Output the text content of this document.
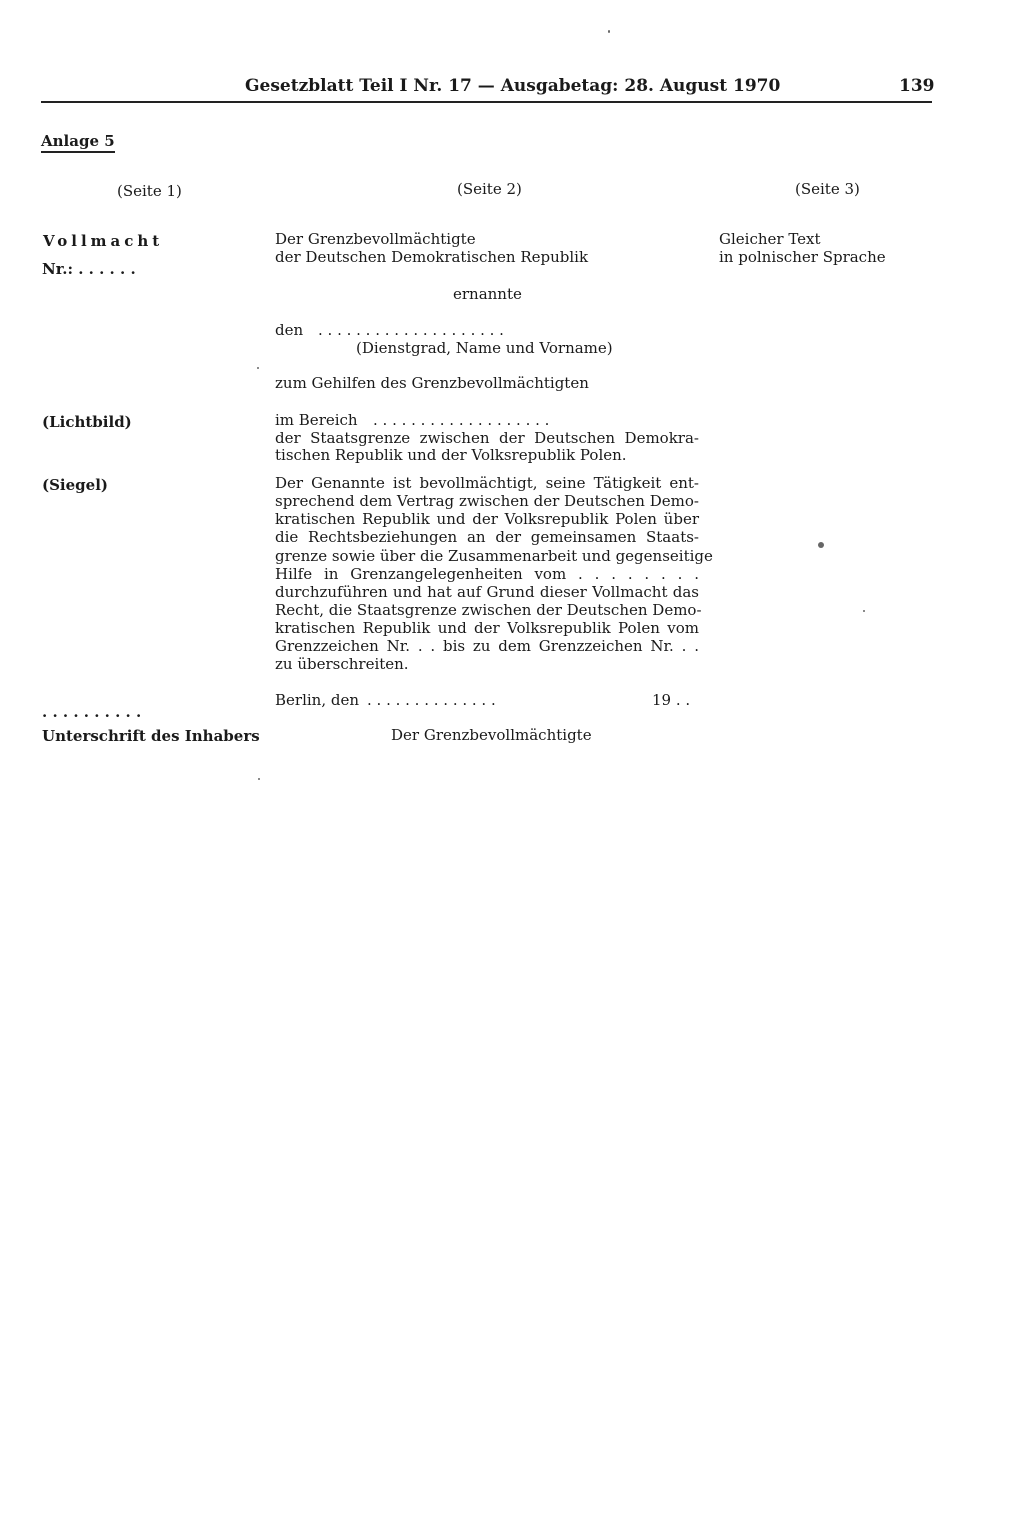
Gesetzblatt Teil I Nr. 17 — Ausgabetag: 28. August 1970	139
Anlage 5
(Seite 1)	(Seite 2)	(Seite 3)
Vollmacht
Nr.: . . . . . .
(Lichtbild)
(Siegel)
. . . . . . . . . .
Unterschrift des Inhabers
Der Grenzbevollmächtigte
der Deutschen Demokratischen Republik
ernannte
den . . . . . . . . . . . . . . . . . . . .
(Dienstgrad, Name und Vorname)
zum Gehilfen des Grenzbevollmächtigten
im Bereich . . . . . . . . . . . . . . . . . . .
der Staatsgrenze zwischen der Deutschen Demokra-
tischen Republik und der Volksrepublik Polen.
Der Genannte ist bevollmächtigt, seine Tätigkeit ent-
sprechend dem Vertrag zwischen der Deutschen Demo-
kratischen Republik und der Volksrepublik Polen über
die Rechtsbeziehungen an der gemeinsamen Staats-
grenze sowie über die Zusammenarbeit und gegenseitige
Hilfe in Grenzangelegenheiten vom . . . . . . . .
durchzuführen und hat auf Grund dieser Vollmacht das
Recht, die Staatsgrenze zwischen der Deutschen Demo-
kratischen Republik und der Volksrepublik Polen vom
Grenzzeichen Nr. . . bis zu dem Grenzzeichen Nr. . .
zu überschreiten.
Berlin, den . . . . . . . . . . . . . .	19 . .
Der Grenzbevollmächtigte
Gleicher Text
in polnischer Sprache
